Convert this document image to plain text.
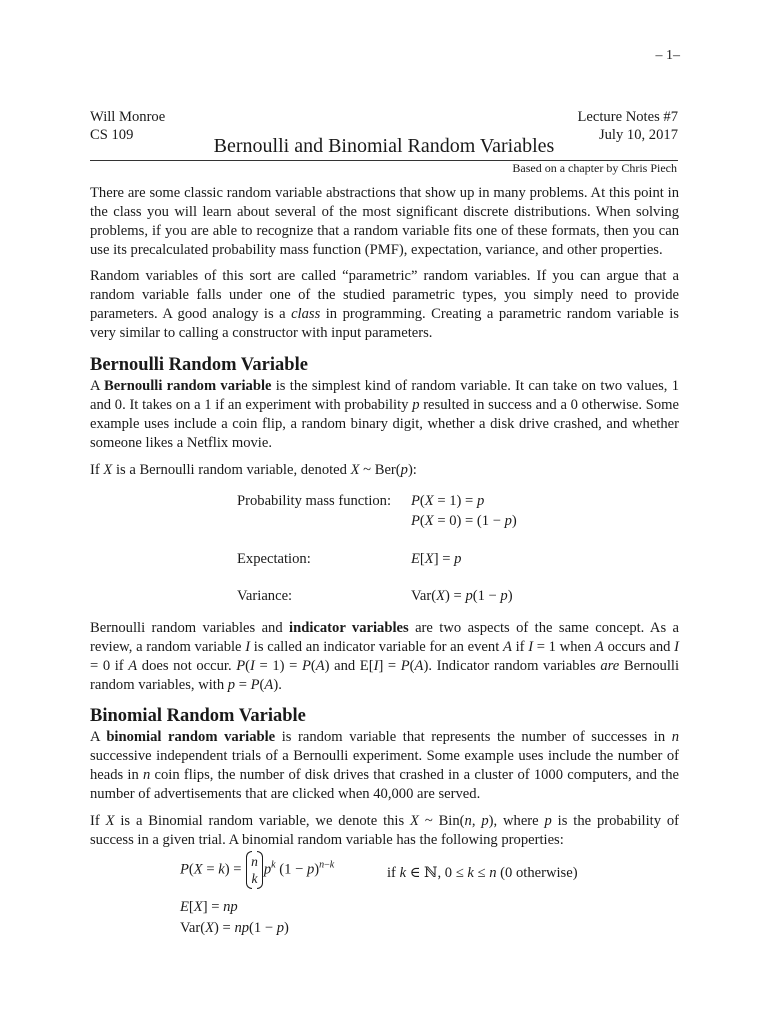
– 1–
Will Monroe
CS 109
Lecture Notes #7
July 10, 2017
Bernoulli and Binomial Random Variables
Based on a chapter by Chris Piech

There are some classic random variable abstractions that show up in many problems. At this point in the class you will learn about several of the most significant discrete distributions. When solving problems, if you are able to recognize that a random variable fits one of these formats, then you can use its precalculated probability mass function (PMF), expectation, variance, and other properties.

Random variables of this sort are called “parametric” random variables. If you can argue that a random variable falls under one of the studied parametric types, you simply need to provide parameters. A good analogy is a class in programming. Creating a parametric random variable is very similar to calling a constructor with input parameters.

Bernoulli Random Variable

A Bernoulli random variable is the simplest kind of random variable. It can take on two values, 1 and 0. It takes on a 1 if an experiment with probability p resulted in success and a 0 otherwise. Some example uses include a coin flip, a random binary digit, whether a disk drive crashed, and whether someone likes a Netflix movie.

If X is a Bernoulli random variable, denoted X ~ Ber(p):

Probability mass function: P(X = 1) = p
P(X = 0) = (1 − p)
Expectation:	E[X] = p
Variance:	Var(X) = p(1 − p)

Bernoulli random variables and indicator variables are two aspects of the same concept. As a review, a random variable I is called an indicator variable for an event A if I = 1 when A occurs and I = 0 if A does not occur. P(I = 1) = P(A) and E[I] = P(A). Indicator random variables are Bernoulli random variables, with p = P(A).

Binomial Random Variable

A binomial random variable is random variable that represents the number of successes in n successive independent trials of a Bernoulli experiment. Some example uses include the number of heads in n coin flips, the number of disk drives that crashed in a cluster of 1000 computers, and the number of advertisements that are clicked when 40,000 are served.

If X is a Binomial random variable, we denote this X ~ Bin(n, p), where p is the probability of success in a given trial. A binomial random variable has the following properties:

P(X = k) = n
k
$p^k$ $(1 - p)^{n-k}$
if k ∈ ℕ, 0 ≤ k ≤ n (0 otherwise)
E[X] = np
Var(X) = np(1 − p)
